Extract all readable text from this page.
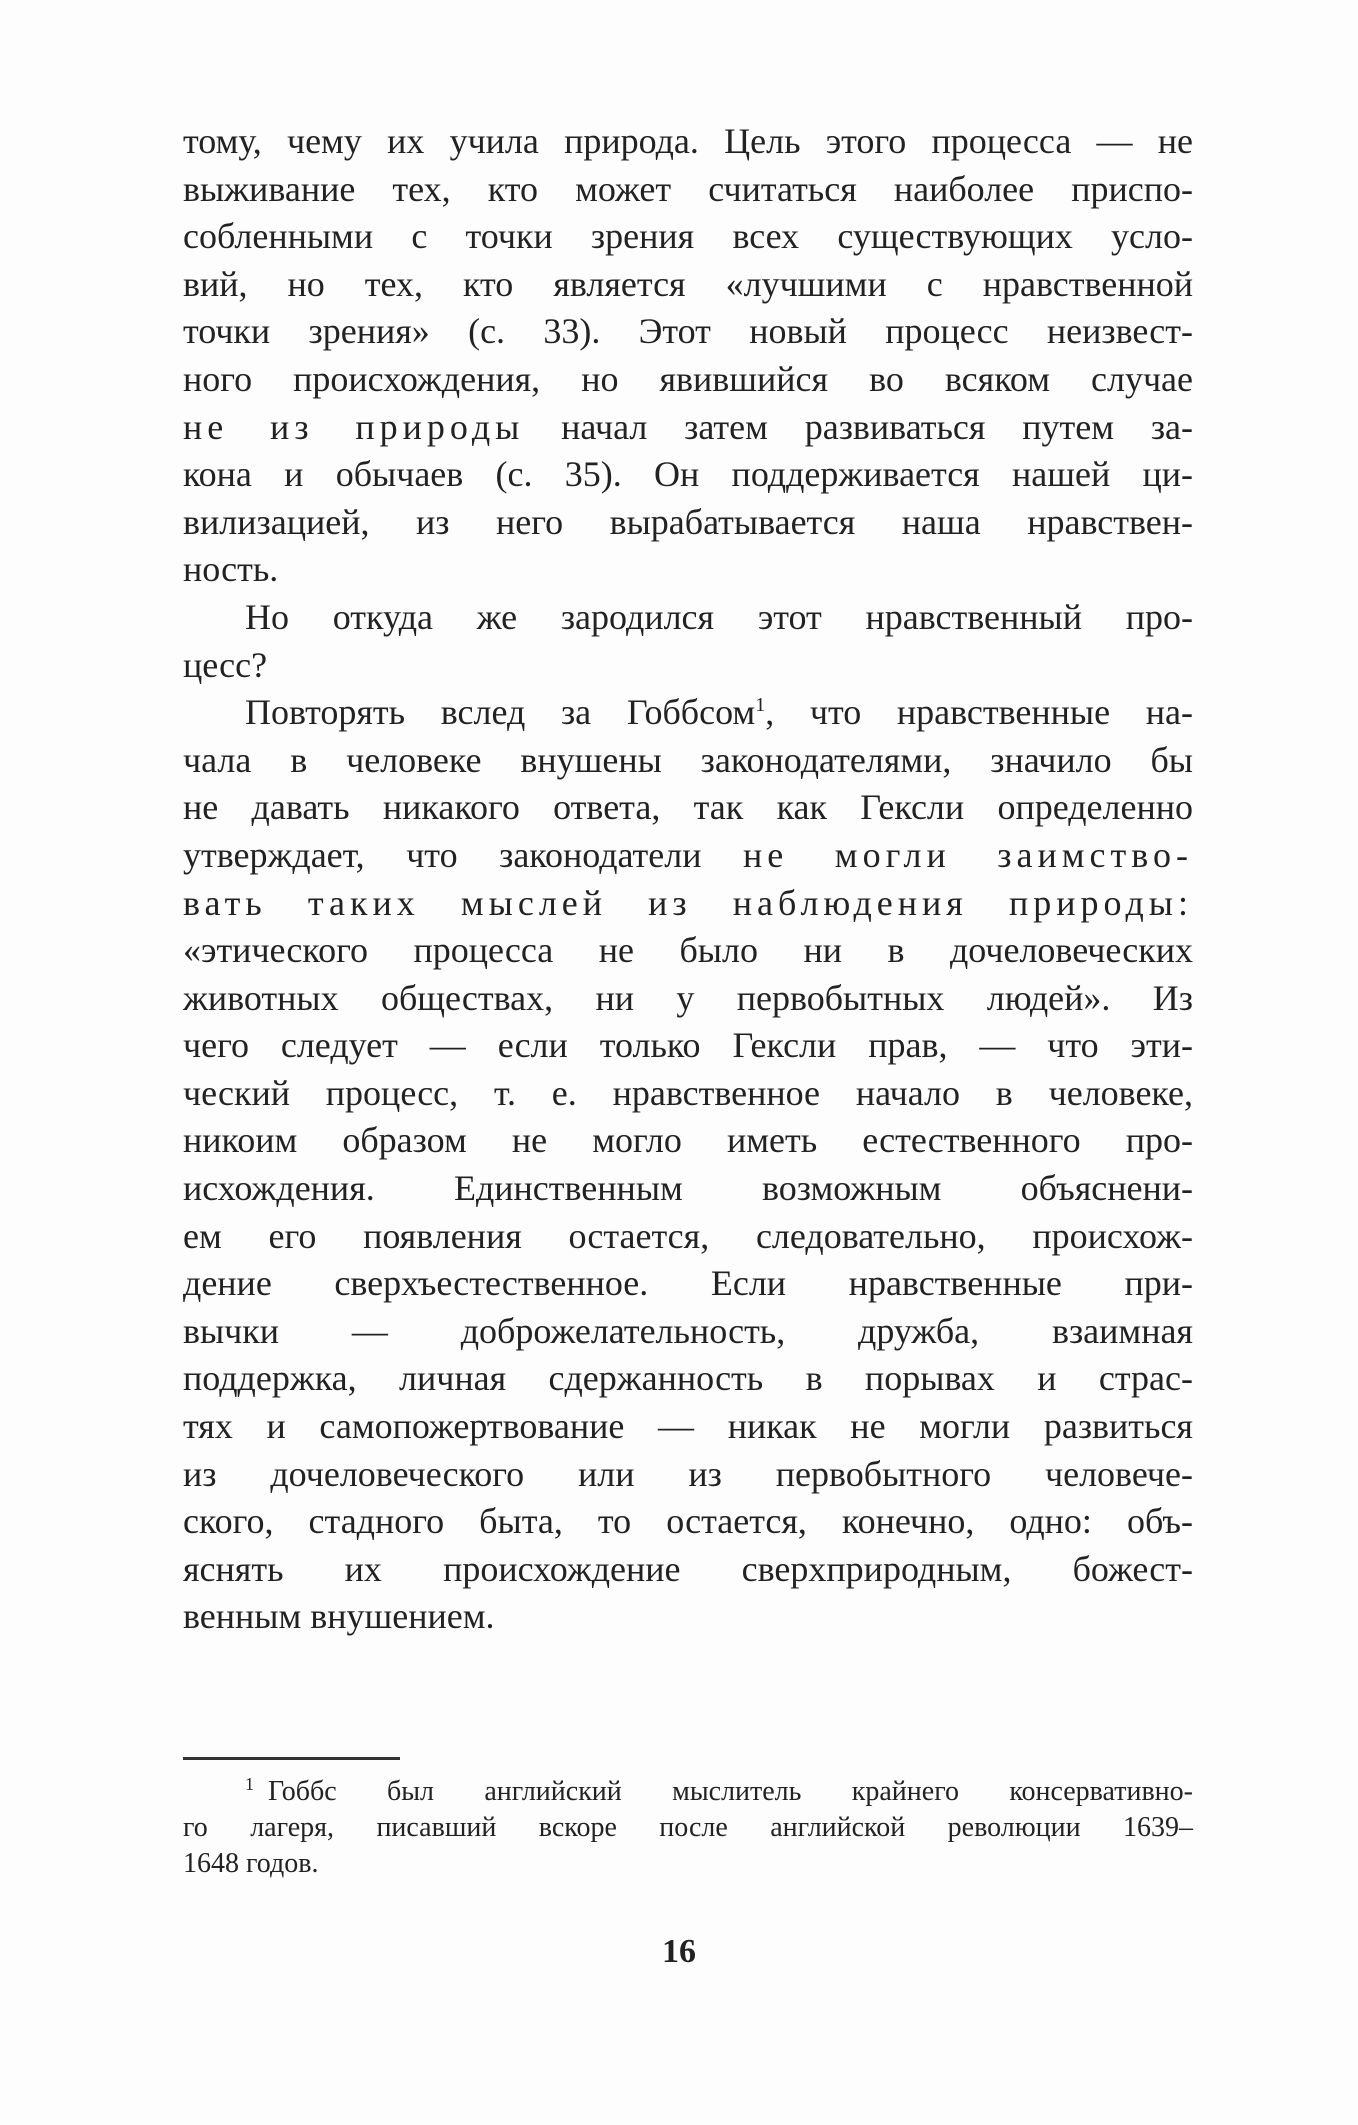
тому, чему их учила природа. Цель этого процесса — не
выживание тех, кто может считаться наиболее приспо-
собленными с точки зрения всех существующих усло-
вий, но тех, кто является «лучшими с нравственной
точки зрения» (с. 33). Этот новый процесс неизвест-
ного происхождения, но явившийся во всяком случае
не из природы начал затем развиваться путем за-
кона и обычаев (с. 35). Он поддерживается нашей ци-
вилизацией, из него вырабатывается наша нравствен-
ность.
Но откуда же зародился этот нравственный про-
цесс?
Повторять вслед за Гоббсом$^1$, что нравственные на-
чала в человеке внушены законодателями, значило бы
не давать никакого ответа, так как Гексли определенно
утверждает, что законодатели не могли заимство-
вать таких мыслей из наблюдения природы:
«этического процесса не было ни в дочеловеческих
животных обществах, ни у первобытных людей». Из
чего следует — если только Гексли прав, — что эти-
ческий процесс, т. е. нравственное начало в человеке,
никоим образом не могло иметь естественного про-
исхождения. Единственным возможным объяснени-
ем его появления остается, следовательно, происхож-
дение сверхъестественное. Если нравственные при-
вычки — доброжелательность, дружба, взаимная
поддержка, личная сдержанность в порывах и страс-
тях и самопожертвование — никак не могли развиться
из дочеловеческого или из первобытного человече-
ского, стадного быта, то остается, конечно, одно: объ-
яснять их происхождение сверхприродным, божест-
венным внушением.
$^1$ Гоббс был английский мыслитель крайнего консервативно-
го лагеря, писавший вскоре после английской революции 1639–
1648 годов.
16
